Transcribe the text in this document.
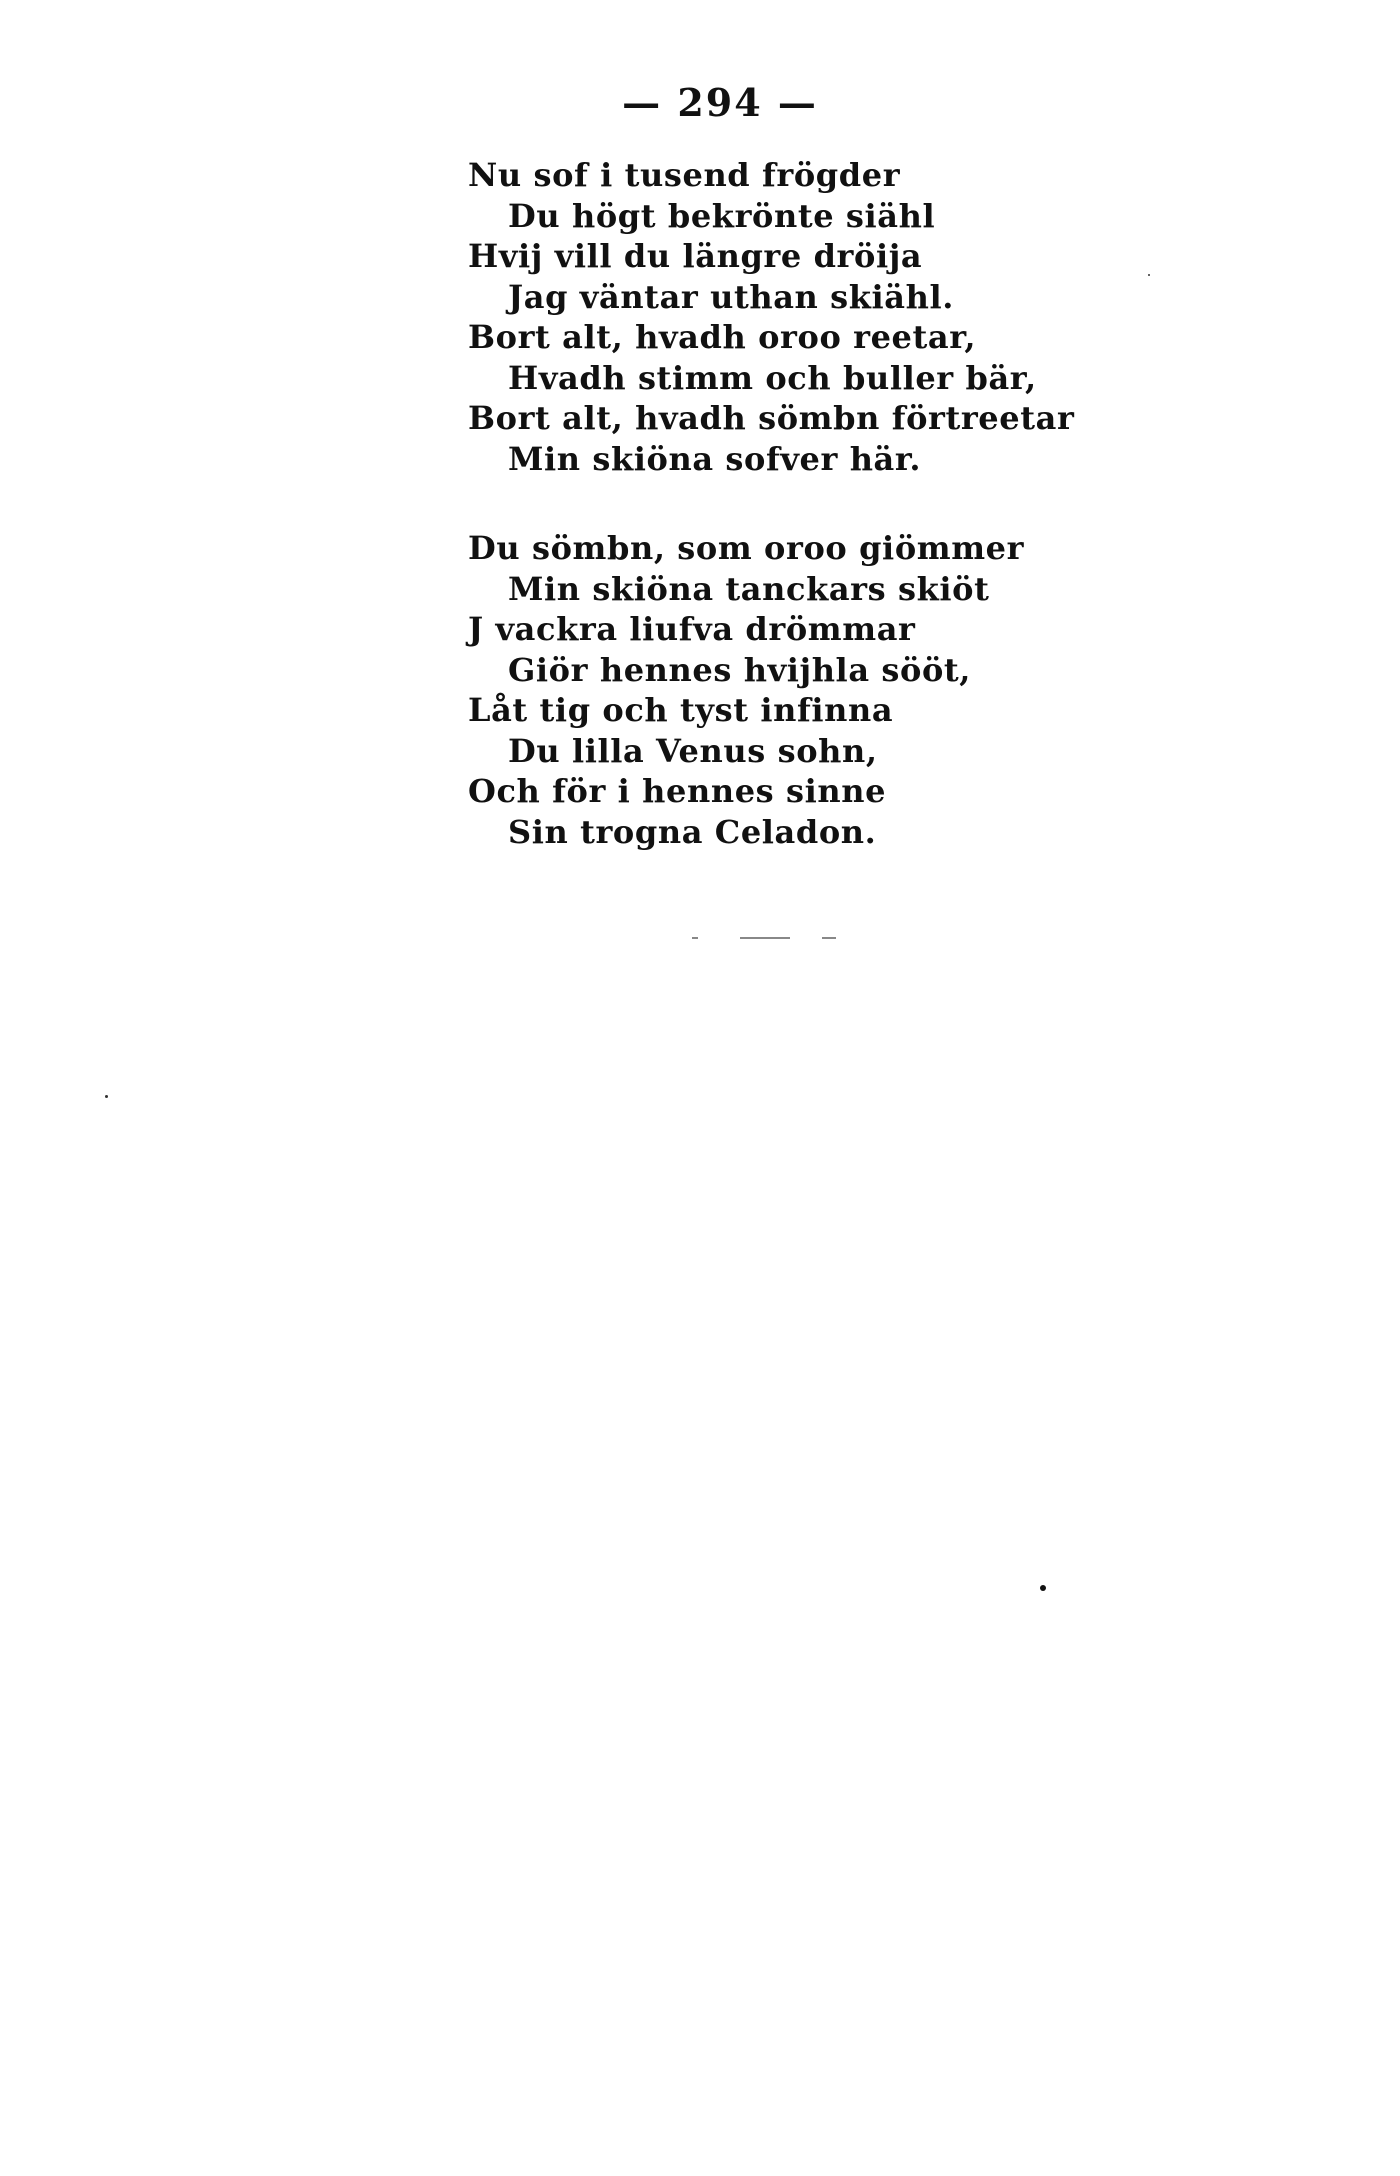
— 294 —
Nu sof i tusend frögder
Du högt bekrönte siähl
Hvij vill du längre dröija
Jag väntar uthan skiähl.
Bort alt, hvadh oroo reetar,
Hvadh stimm och buller bär,
Bort alt, hvadh sömbn förtreetar
Min skiöna sofver här.
Du sömbn, som oroo giömmer
Min skiöna tanckars skiöt
J vackra liufva drömmar
Giör hennes hvijhla sööt,
Låt tig och tyst infinna
Du lilla Venus sohn,
Och för i hennes sinne
Sin trogna Celadon.
